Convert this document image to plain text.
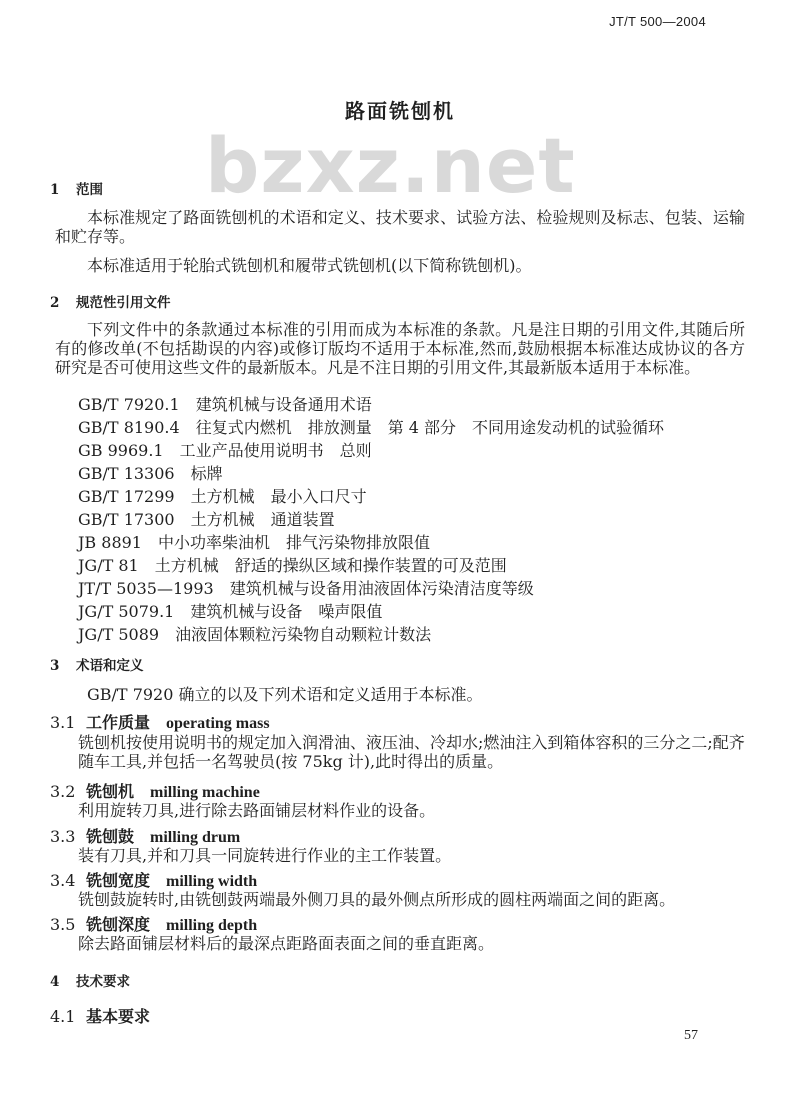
JT/T 500—2004
路面铣刨机
bzxz.net
1 范围
本标准规定了路面铣刨机的术语和定义、技术要求、试验方法、检验规则及标志、包装、运输和贮存等。
本标准适用于轮胎式铣刨机和履带式铣刨机(以下简称铣刨机)。
2 规范性引用文件
下列文件中的条款通过本标准的引用而成为本标准的条款。凡是注日期的引用文件,其随后所有的修改单(不包括勘误的内容)或修订版均不适用于本标准,然而,鼓励根据本标准达成协议的各方研究是否可使用这些文件的最新版本。凡是不注日期的引用文件,其最新版本适用于本标准。
GB/T 7920.1　 建筑机械与设备通用术语
GB/T 8190.4　 往复式内燃机　排放测量　第 4 部分　不同用途发动机的试验循环
GB 9969.1　 工业产品使用说明书　总则
GB/T 13306　 标牌
GB/T 17299　 土方机械　最小入口尺寸
GB/T 17300　 土方机械　通道装置
JB 8891　 中小功率柴油机　排气污染物排放限值
JG/T 81　 土方机械　舒适的操纵区域和操作装置的可及范围
JT/T 5035—1993　 建筑机械与设备用油液固体污染清洁度等级
JG/T 5079.1　 建筑机械与设备　噪声限值
JG/T 5089　 油液固体颗粒污染物自动颗粒计数法
3 术语和定义
GB/T 7920 确立的以及下列术语和定义适用于本标准。
3.1 工作质量 operating mass
铣刨机按使用说明书的规定加入润滑油、液压油、冷却水;燃油注入到箱体容积的三分之二;配齐随车工具,并包括一名驾驶员(按 75kg 计),此时得出的质量。
3.2 铣刨机 milling machine
利用旋转刀具,进行除去路面铺层材料作业的设备。
3.3 铣刨鼓 milling drum
装有刀具,并和刀具一同旋转进行作业的主工作装置。
3.4 铣刨宽度 milling width
铣刨鼓旋转时,由铣刨鼓两端最外侧刀具的最外侧点所形成的圆柱两端面之间的距离。
3.5 铣刨深度 milling depth
除去路面铺层材料后的最深点距路面表面之间的垂直距离。
4 技术要求
4.1 基本要求
57
